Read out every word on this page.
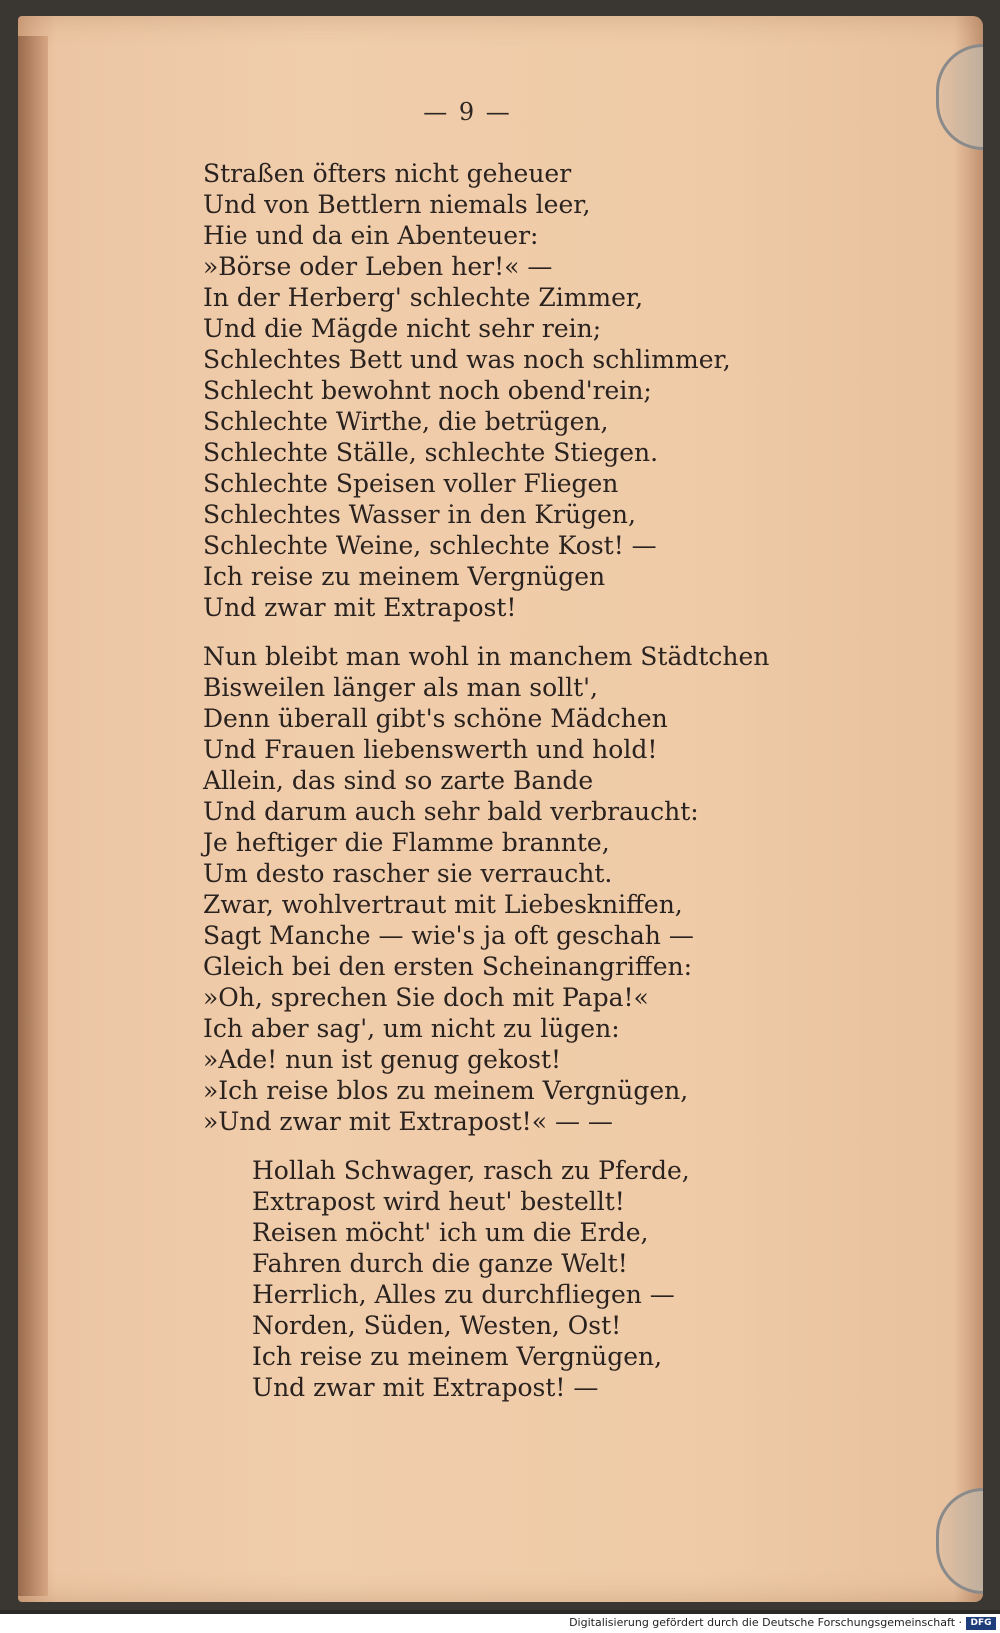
— 9 —
Straßen öfters nicht geheuer
Und von Bettlern niemals leer,
Hie und da ein Abenteuer:
»Börse oder Leben her!« —
In der Herberg' schlechte Zimmer,
Und die Mägde nicht sehr rein;
Schlechtes Bett und was noch schlimmer,
Schlecht bewohnt noch obend'rein;
Schlechte Wirthe, die betrügen,
Schlechte Ställe, schlechte Stiegen.
Schlechte Speisen voller Fliegen
Schlechtes Wasser in den Krügen,
Schlechte Weine, schlechte Kost! —
Ich reise zu meinem Vergnügen
Und zwar mit Extrapost!
Nun bleibt man wohl in manchem Städtchen
Bisweilen länger als man sollt',
Denn überall gibt's schöne Mädchen
Und Frauen liebenswerth und hold!
Allein, das sind so zarte Bande
Und darum auch sehr bald verbraucht:
Je heftiger die Flamme brannte,
Um desto rascher sie verraucht.
Zwar, wohlvertraut mit Liebeskniffen,
Sagt Manche — wie's ja oft geschah —
Gleich bei den ersten Scheinangriffen:
»Oh, sprechen Sie doch mit Papa!«
Ich aber sag', um nicht zu lügen:
»Ade! nun ist genug gekost!
»Ich reise blos zu meinem Vergnügen,
»Und zwar mit Extrapost!« — —
Hollah Schwager, rasch zu Pferde,
Extrapost wird heut' bestellt!
Reisen möcht' ich um die Erde,
Fahren durch die ganze Welt!
Herrlich, Alles zu durchfliegen —
Norden, Süden, Westen, Ost!
Ich reise zu meinem Vergnügen,
Und zwar mit Extrapost! —
Digitalisierung gefördert durch die Deutsche Forschungsgemeinschaft · DFG
